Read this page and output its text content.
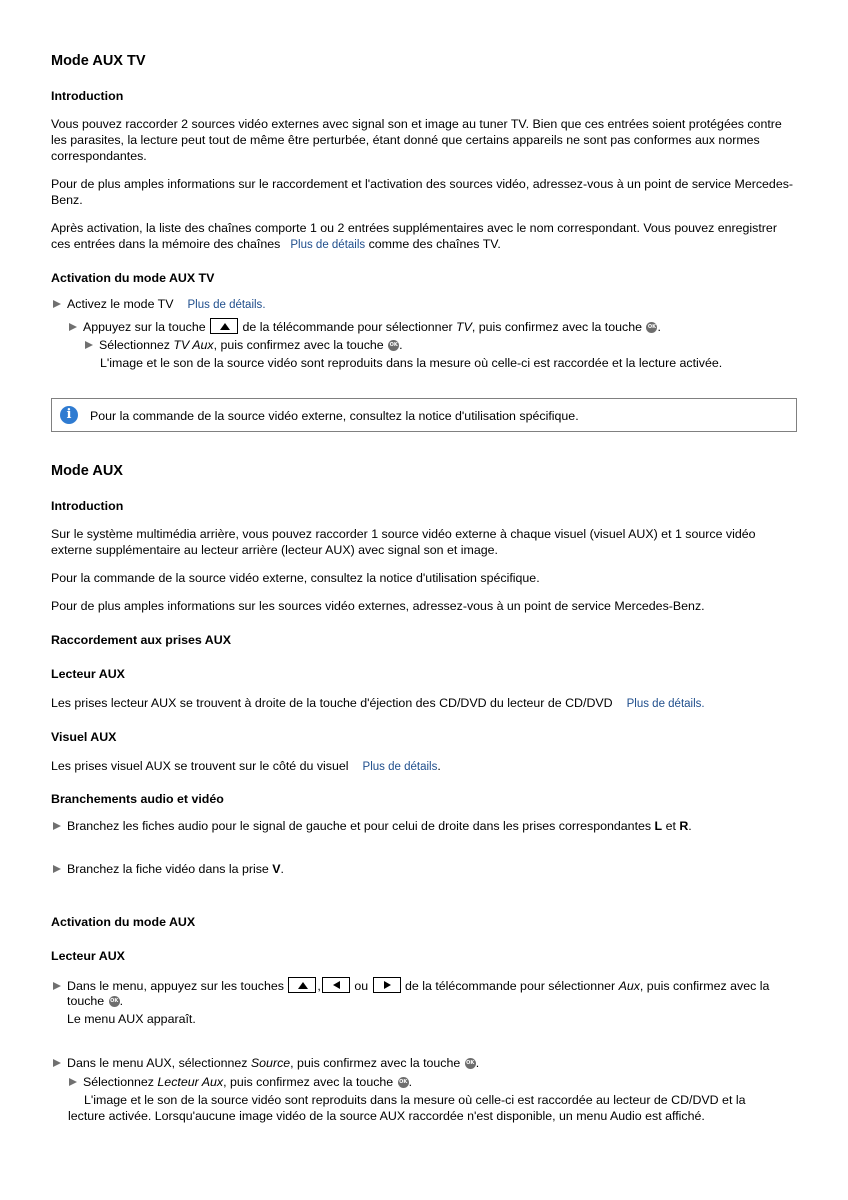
Mode AUX TV
Introduction
Vous pouvez raccorder 2 sources vidéo externes avec signal son et image au tuner TV. Bien que ces entrées soient protégées contre les parasites, la lecture peut tout de même être perturbée, étant donné que certains appareils ne sont pas conformes aux normes correspondantes.
Pour de plus amples informations sur le raccordement et l'activation des sources vidéo, adressez-vous à un point de service Mercedes-Benz.
Après activation, la liste des chaînes comporte 1 ou 2 entrées supplémentaires avec le nom correspondant. Vous pouvez enregistrer ces entrées dans la mémoire des chaînes Plus de détails comme des chaînes TV.
Activation du mode AUX TV
Activez le mode TV Plus de détails.
Appuyez sur la touche	de la télécommande pour sélectionner TV, puis confirmez avec la touche OK.
Sélectionnez TV Aux, puis confirmez avec la touche OK.
L'image et le son de la source vidéo sont reproduits dans la mesure où celle-ci est raccordée et la lecture activée.
i	Pour la commande de la source vidéo externe, consultez la notice d'utilisation spécifique.
Mode AUX
Introduction
Sur le système multimédia arrière, vous pouvez raccorder 1 source vidéo externe à chaque visuel (visuel AUX) et 1 source vidéo externe supplémentaire au lecteur arrière (lecteur AUX) avec signal son et image.
Pour la commande de la source vidéo externe, consultez la notice d'utilisation spécifique.
Pour de plus amples informations sur les sources vidéo externes, adressez-vous à un point de service Mercedes-Benz.
Raccordement aux prises AUX
Lecteur AUX
Les prises lecteur AUX se trouvent à droite de la touche d'éjection des CD/DVD du lecteur de CD/DVD Plus de détails.
Visuel AUX
Les prises visuel AUX se trouvent sur le côté du visuel Plus de détails.
Branchements audio et vidéo
Branchez les fiches audio pour le signal de gauche et pour celui de droite dans les prises correspondantes L et R.
Branchez la fiche vidéo dans la prise V.
Activation du mode AUX
Lecteur AUX
Dans le menu, appuyez sur les touches	,	ou	de la télécommande pour sélectionner Aux, puis confirmez avec la
touche OK.
Le menu AUX apparaît.
Dans le menu AUX, sélectionnez Source, puis confirmez avec la touche OK.
Sélectionnez Lecteur Aux, puis confirmez avec la touche OK.
L'image et le son de la source vidéo sont reproduits dans la mesure où celle-ci est raccordée au lecteur de CD/DVD et la
lecture activée. Lorsqu'aucune image vidéo de la source AUX raccordée n'est disponible, un menu Audio est affiché.
